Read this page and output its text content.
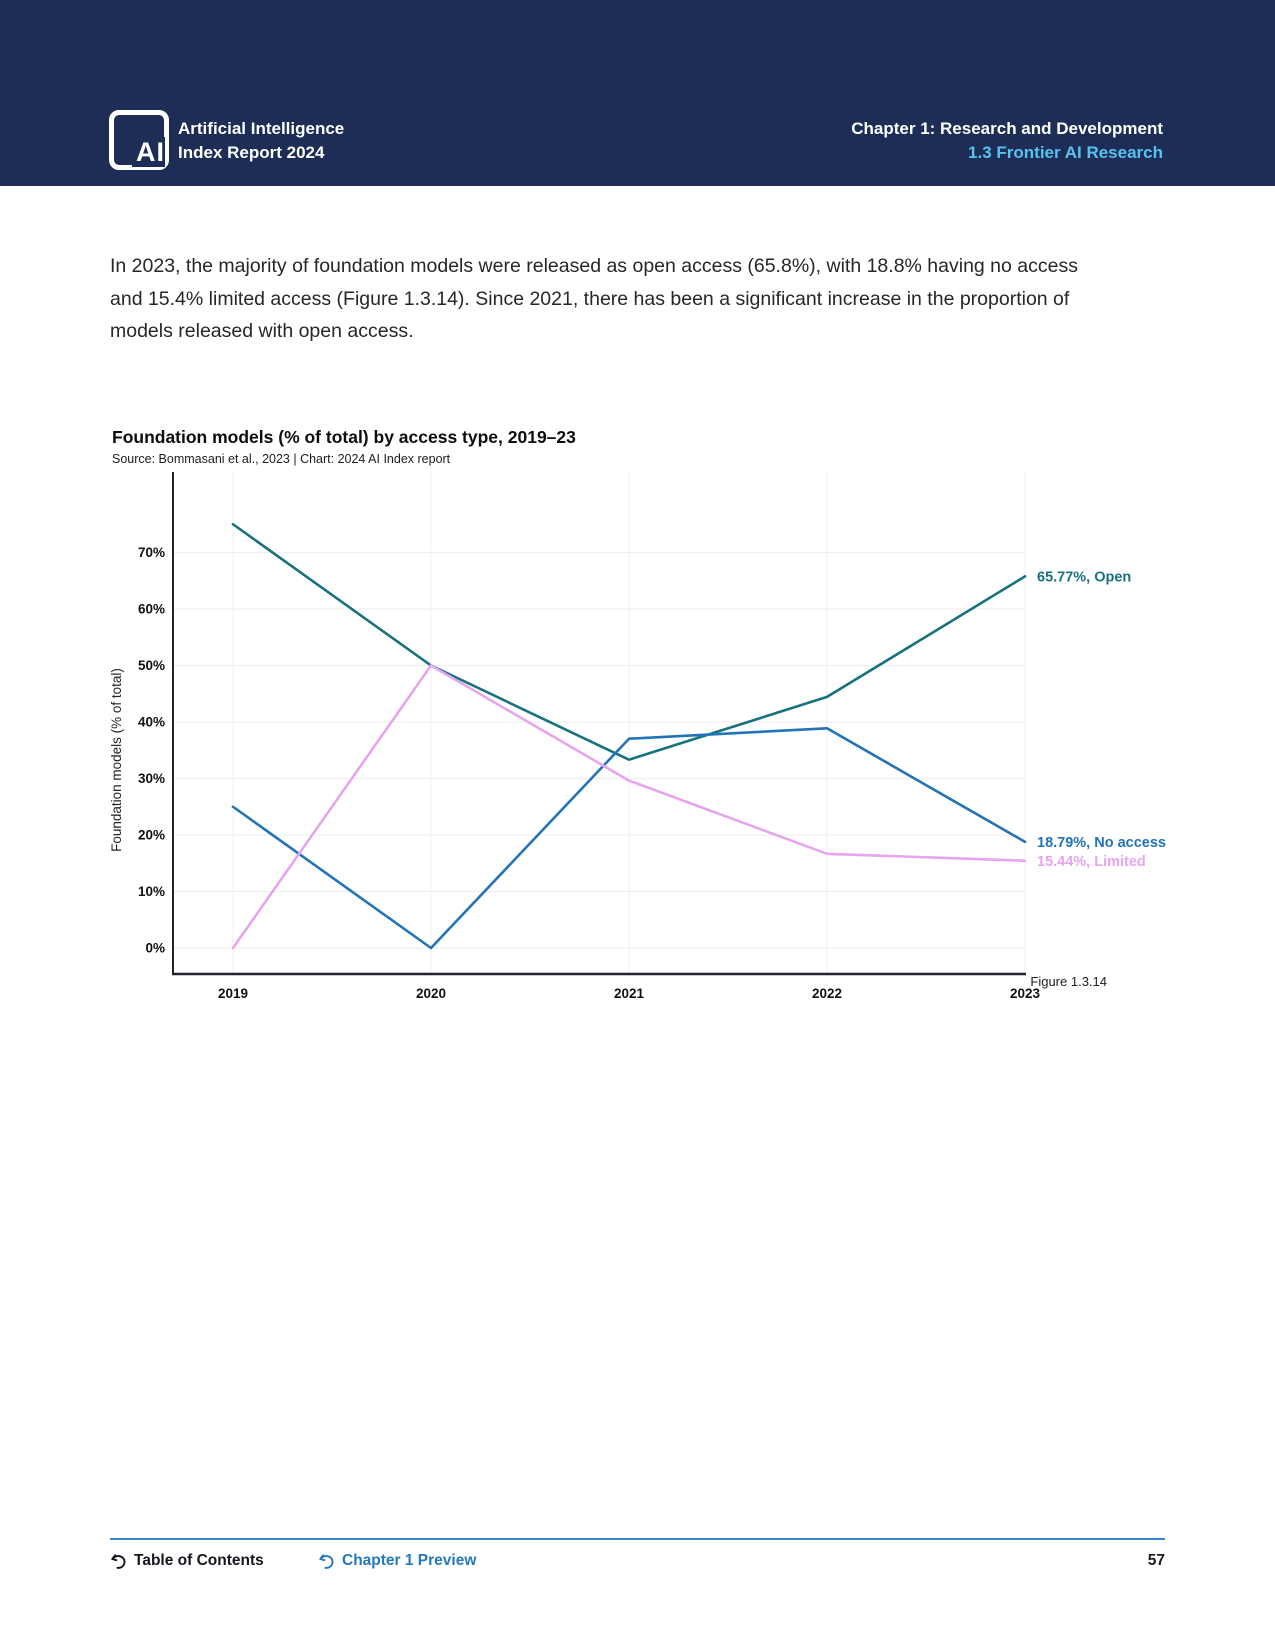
AI
Artificial Intelligence
Index Report 2024
Chapter 1: Research and Development
1.3 Frontier AI Research
In 2023, the majority of foundation models were released as open access (65.8%), with 18.8% having no access and 15.4% limited access (Figure 1.3.14). Since 2021, there has been a significant increase in the proportion of models released with open access.
Foundation models (% of total) by access type, 2019–23
Source: Bommasani et al., 2023 | Chart: 2024 AI Index report
0%
10%
20%
30%
40%
50%
60%
70%
2019	2020	2021	2022	2023
Foundation models (% of total)
65.77%, Open
18.79%, No access
15.44%, Limited
Figure 1.3.14
Table of Contents	Chapter 1 Preview	57
